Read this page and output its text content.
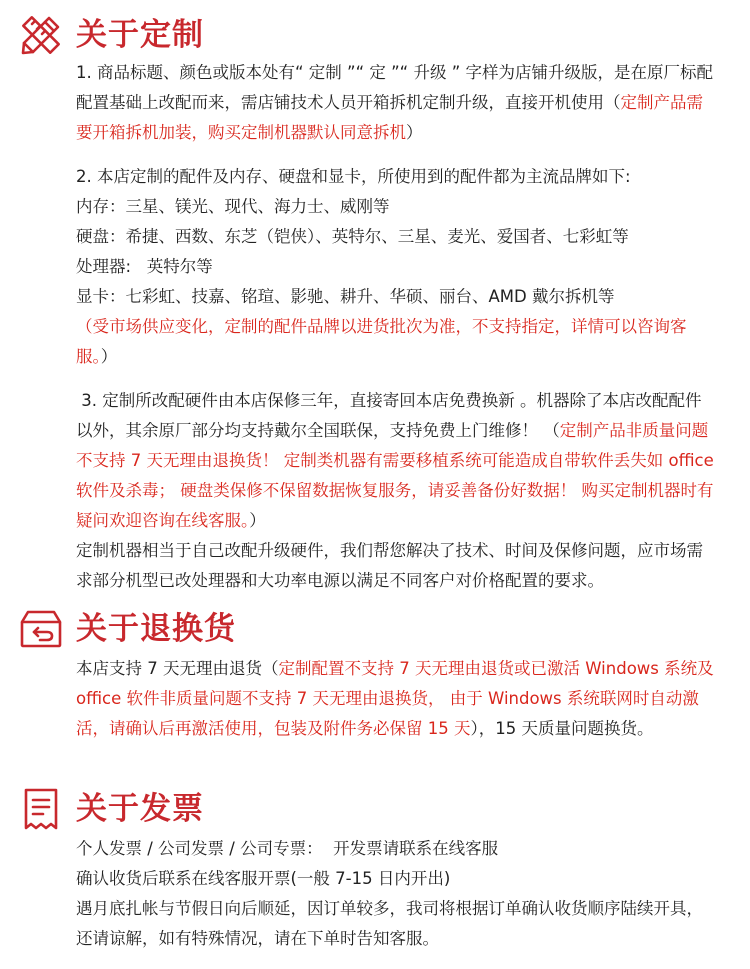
关于定制

1. 商品标题、颜色或版本处有“ 定制 ”“ 定 ”“ 升级 ” 字样为店铺升级版，是在原厂标配配置基础上改配而来，需店铺技术人员开箱拆机定制升级，直接开机使用（定制产品需要开箱拆机加装，购买定制机器默认同意拆机）

2. 本店定制的配件及内存、硬盘和显卡，所使用到的配件都为主流品牌如下:

内存：三星、镁光、现代、海力士、威刚等

硬盘：希捷、西数、东芝（铠侠）、英特尔、三星、麦光、爱国者、七彩虹等

处理器:   英特尔等

显卡：七彩虹、技嘉、铭瑄、影驰、耕升、华硕、丽台、AMD 戴尔拆机等

（受市场供应变化，定制的配件品牌以进货批次为准，不支持指定，详情可以咨询客服。）

3. 定制所改配硬件由本店保修三年，直接寄回本店免费换新 。机器除了本店改配配件以外，其余原厂部分均支持戴尔全国联保，支持免费上门维修！ （定制产品非质量问题不支持 7 天无理由退换货！ 定制类机器有需要移植系统可能造成自带软件丢失如 office 软件及杀毒； 硬盘类保修不保留数据恢复服务，请妥善备份好数据！ 购买定制机器时有疑问欢迎咨询在线客服。）

定制机器相当于自己改配升级硬件，我们帮您解决了技术、时间及保修问题，应市场需求部分机型已改处理器和大功率电源以满足不同客户对价格配置的要求。

关于退换货

本店支持 7 天无理由退货（定制配置不支持 7 天无理由退货或已激活 Windows 系统及 office 软件非质量问题不支持 7 天无理由退换货， 由于 Windows 系统联网时自动激活，请确认后再激活使用，包装及附件务必保留 15 天），15 天质量问题换货。

关于发票

个人发票 / 公司发票 / 公司专票：  开发票请联系在线客服

确认收货后联系在线客服开票(一般 7-15 日内开出)

遇月底扎帐与节假日向后顺延，因订单较多，我司将根据订单确认收货顺序陆续开具，还请谅解，如有特殊情况，请在下单时告知客服。
